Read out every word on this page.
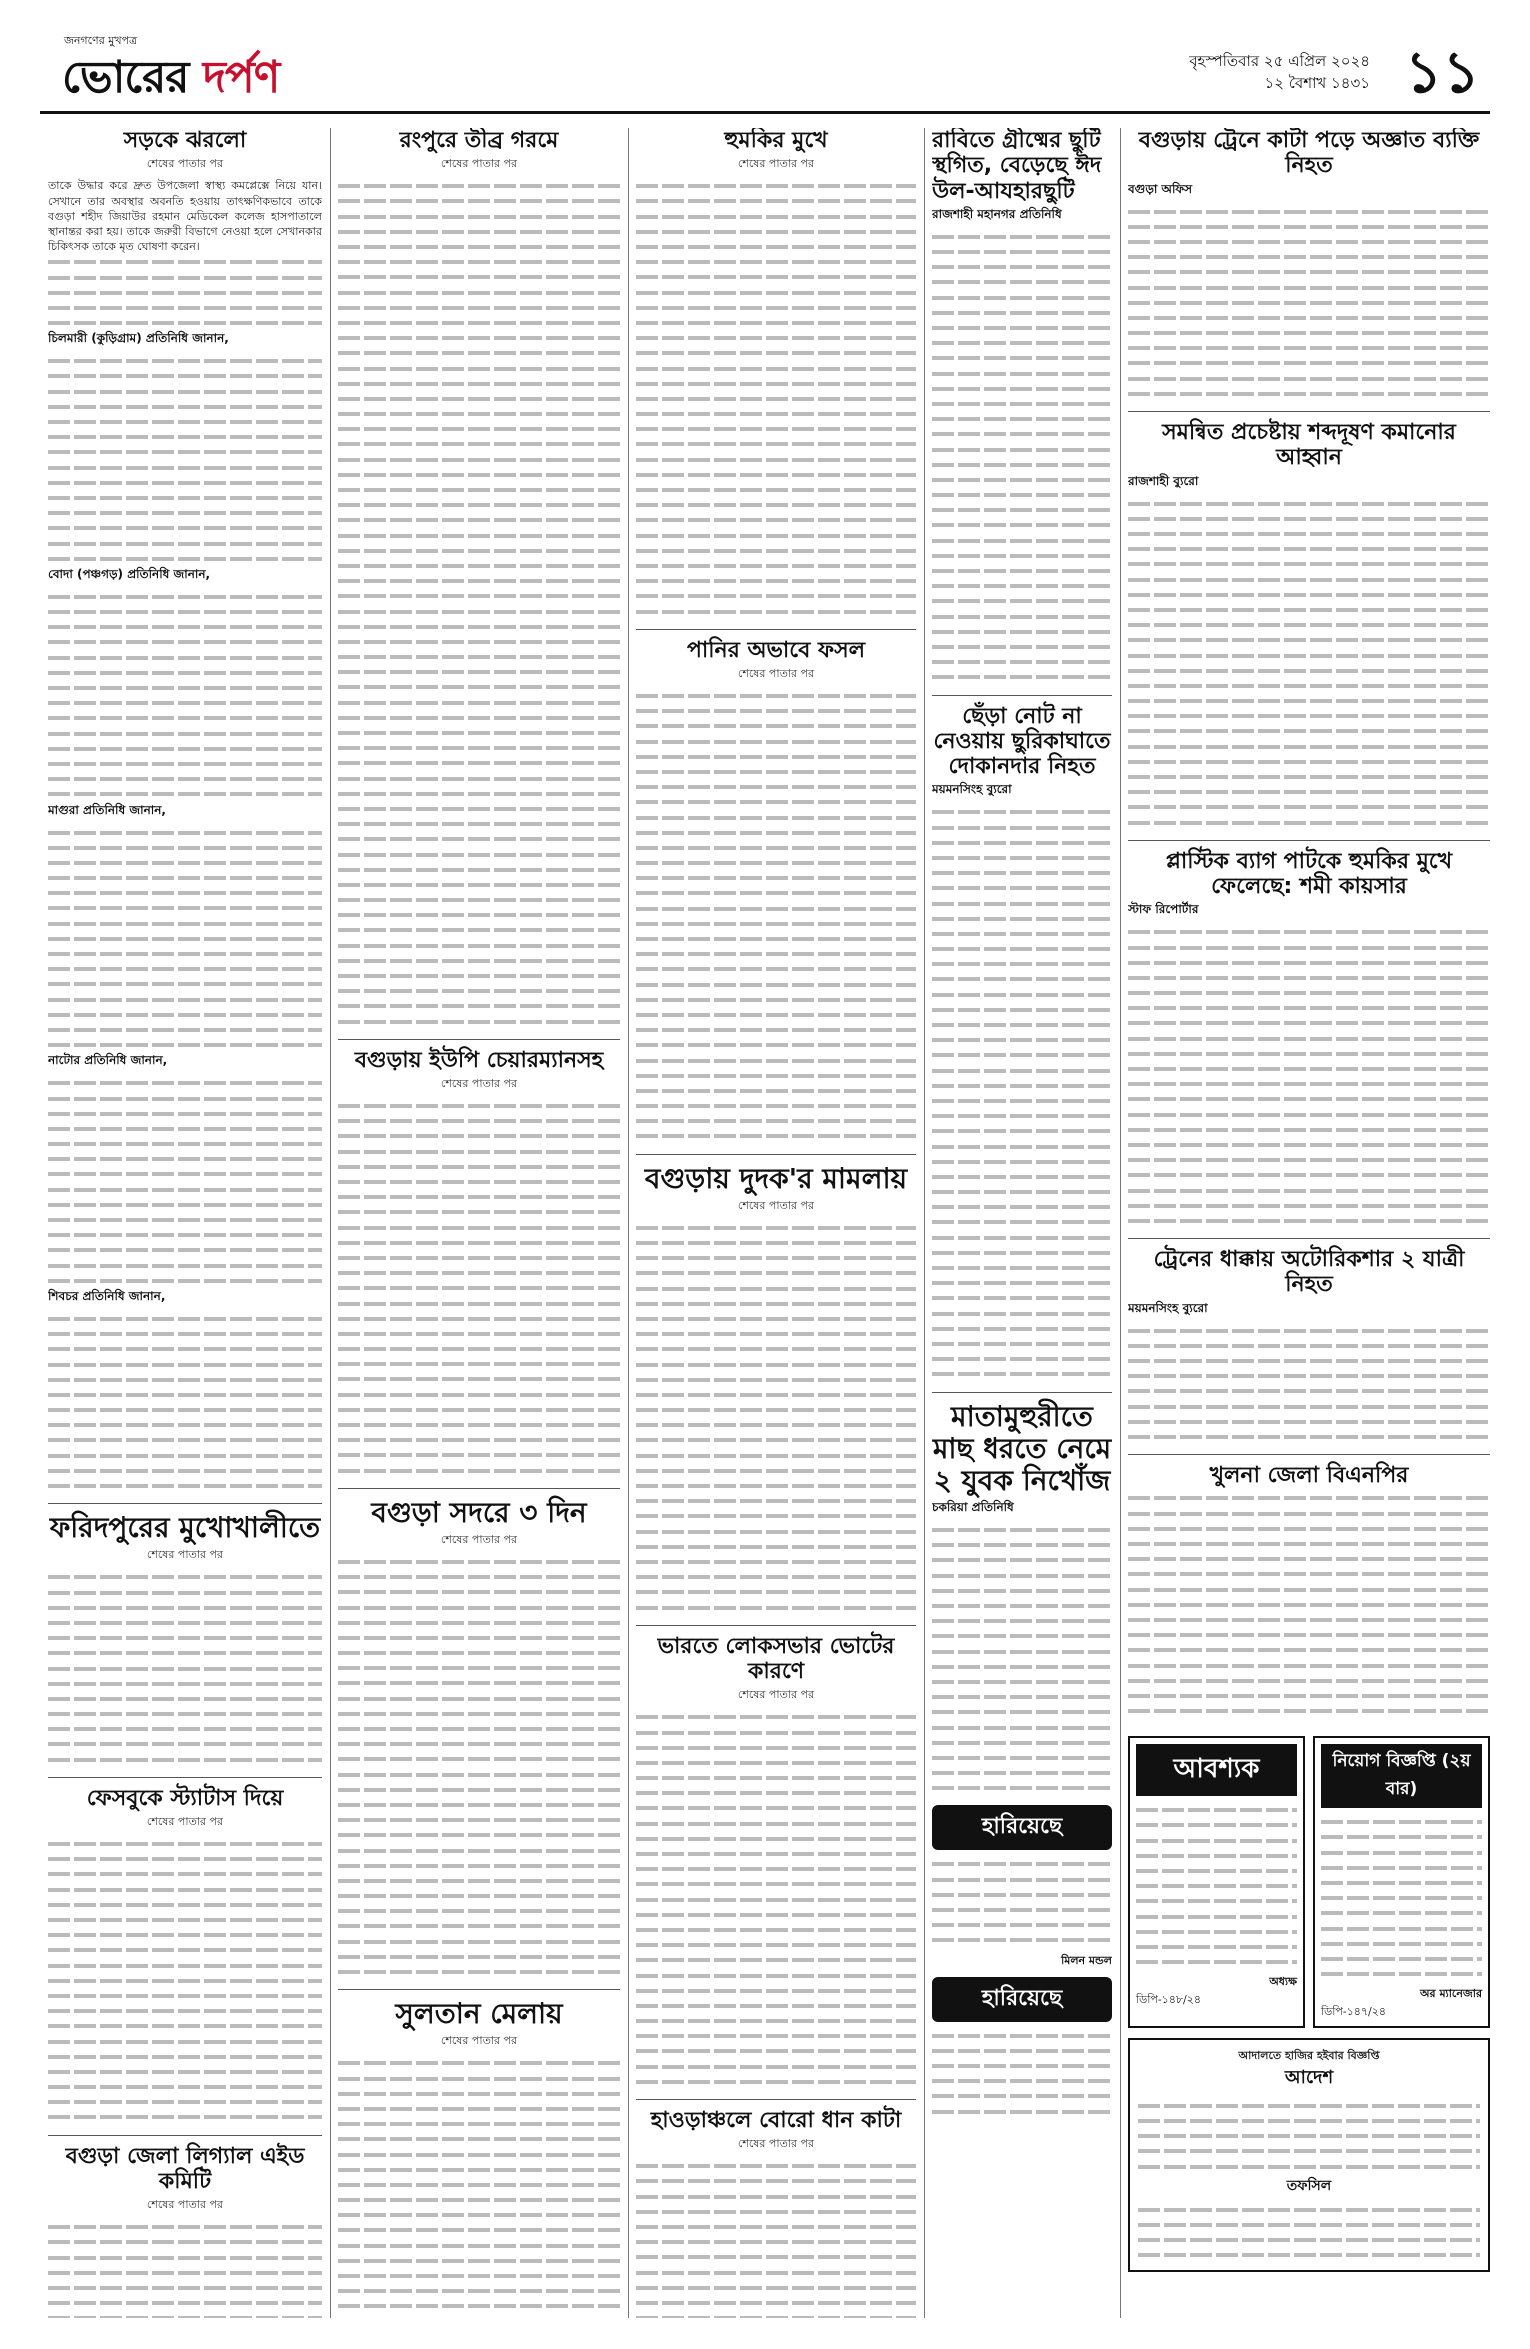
জনগণের মুখপত্র
ভোরের দর্পণ	বৃহস্পতিবার ২৫ এপ্রিল ২০২৪
১২ বৈশাখ ১৪৩১ ১১
সড়কে ঝরলো
শেষের পাতার পর
তাকে উদ্ধার করে দ্রুত উপজেলা স্বাস্থ্য কমপ্লেক্সে নিয়ে যান। সেখানে তার অবস্থার অবনতি হওয়ায় তাৎক্ষণিকভাবে তাকে বগুড়া শহীদ জিয়াউর রহমান মেডিকেল কলেজ হাসপাতালে স্থানান্তর করা হয়। তাকে জরুরী বিভাগে নেওয়া হলে সেখানকার চিকিৎসক তাকে মৃত ঘোষণা করেন।
চিলমারী (কুড়িগ্রাম) প্রতিনিধি জানান,
বোদা (পঞ্চগড়) প্রতিনিধি জানান,
মাগুরা প্রতিনিধি জানান,
নাটোর প্রতিনিধি জানান,
শিবচর প্রতিনিধি জানান,
ফরিদপুরের মুখোখালীতে
শেষের পাতার পর
ফেসবুকে স্ট্যাটাস দিয়ে
শেষের পাতার পর
বগুড়া জেলা লিগ্যাল এইড কমিটি
শেষের পাতার পর
রংপুরে তীব্র গরমে
শেষের পাতার পর
বগুড়ায় ইউপি চেয়ারম্যানসহ
শেষের পাতার পর
বগুড়া সদরে ৩ দিন
শেষের পাতার পর
সুলতান মেলায়
শেষের পাতার পর
হুমকির মুখে
শেষের পাতার পর
পানির অভাবে ফসল
শেষের পাতার পর
বগুড়ায় দুদক'র মামলায়
শেষের পাতার পর
ভারতে লোকসভার ভোটের কারণে
শেষের পাতার পর
হাওড়াঞ্চলে বোরো ধান কাটা
শেষের পাতার পর
রাবিতে গ্রীষ্মের ছুটি স্থগিত, বেড়েছে ঈদ উল-আযহারছুটি
রাজশাহী মহানগর প্রতিনিধি
ছেঁড়া নোট না নেওয়ায় ছুরিকাঘাতে দোকানদার নিহত
ময়মনসিংহ ব্যুরো
মাতামুহুরীতে মাছ ধরতে নেমে ২ যুবক নিখোঁজ
চকরিয়া প্রতিনিধি
হারিয়েছে
মিলন মন্ডল
হারিয়েছে
বগুড়ায় ট্রেনে কাটা পড়ে অজ্ঞাত ব্যক্তি নিহত
বগুড়া অফিস
সমন্বিত প্রচেষ্টায় শব্দদূষণ কমানোর আহ্বান
রাজশাহী ব্যুরো
প্লাস্টিক ব্যাগ পাটকে হুমকির মুখে ফেলেছে: শমী কায়সার
স্টাফ রিপোর্টার
ট্রেনের ধাক্কায় অটোরিকশার ২ যাত্রী নিহত
ময়মনসিংহ ব্যুরো
খুলনা জেলা বিএনপির
আবশ্যক
অধ্যক্ষ
ডিপি-১৪৮/২৪
নিয়োগ বিজ্ঞপ্তি (২য় বার)
অর ম্যানেজার
ডিপি-১৪৭/২৪
আদালতে হাজির হইবার বিজ্ঞপ্তি
আদেশ
তফসিল
